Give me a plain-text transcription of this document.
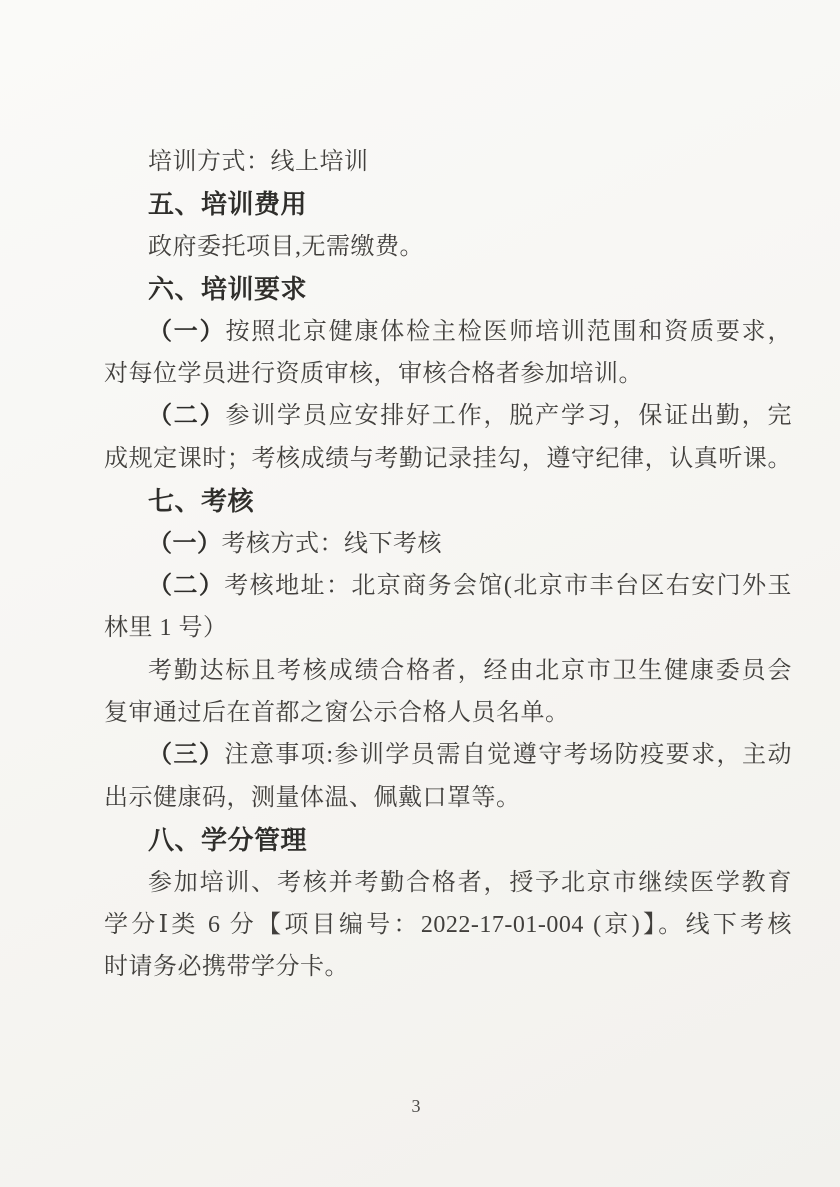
培训方式：线上培训
五、培训费用
政府委托项目,无需缴费。
六、培训要求
（一）按照北京健康体检主检医师培训范围和资质要求，
对每位学员进行资质审核，审核合格者参加培训。
（二）参训学员应安排好工作，脱产学习，保证出勤，完
成规定课时；考核成绩与考勤记录挂勾，遵守纪律，认真听课。
七、考核
（一）考核方式：线下考核
（二）考核地址：北京商务会馆(北京市丰台区右安门外玉
林里 1 号）
考勤达标且考核成绩合格者，经由北京市卫生健康委员会
复审通过后在首都之窗公示合格人员名单。
（三）注意事项:参训学员需自觉遵守考场防疫要求，主动
出示健康码，测量体温、佩戴口罩等。
八、学分管理
参加培训、考核并考勤合格者，授予北京市继续医学教育
学分Ⅰ类 6 分【项目编号：2022-17-01-004 (京)】。线下考核
时请务必携带学分卡。
3
